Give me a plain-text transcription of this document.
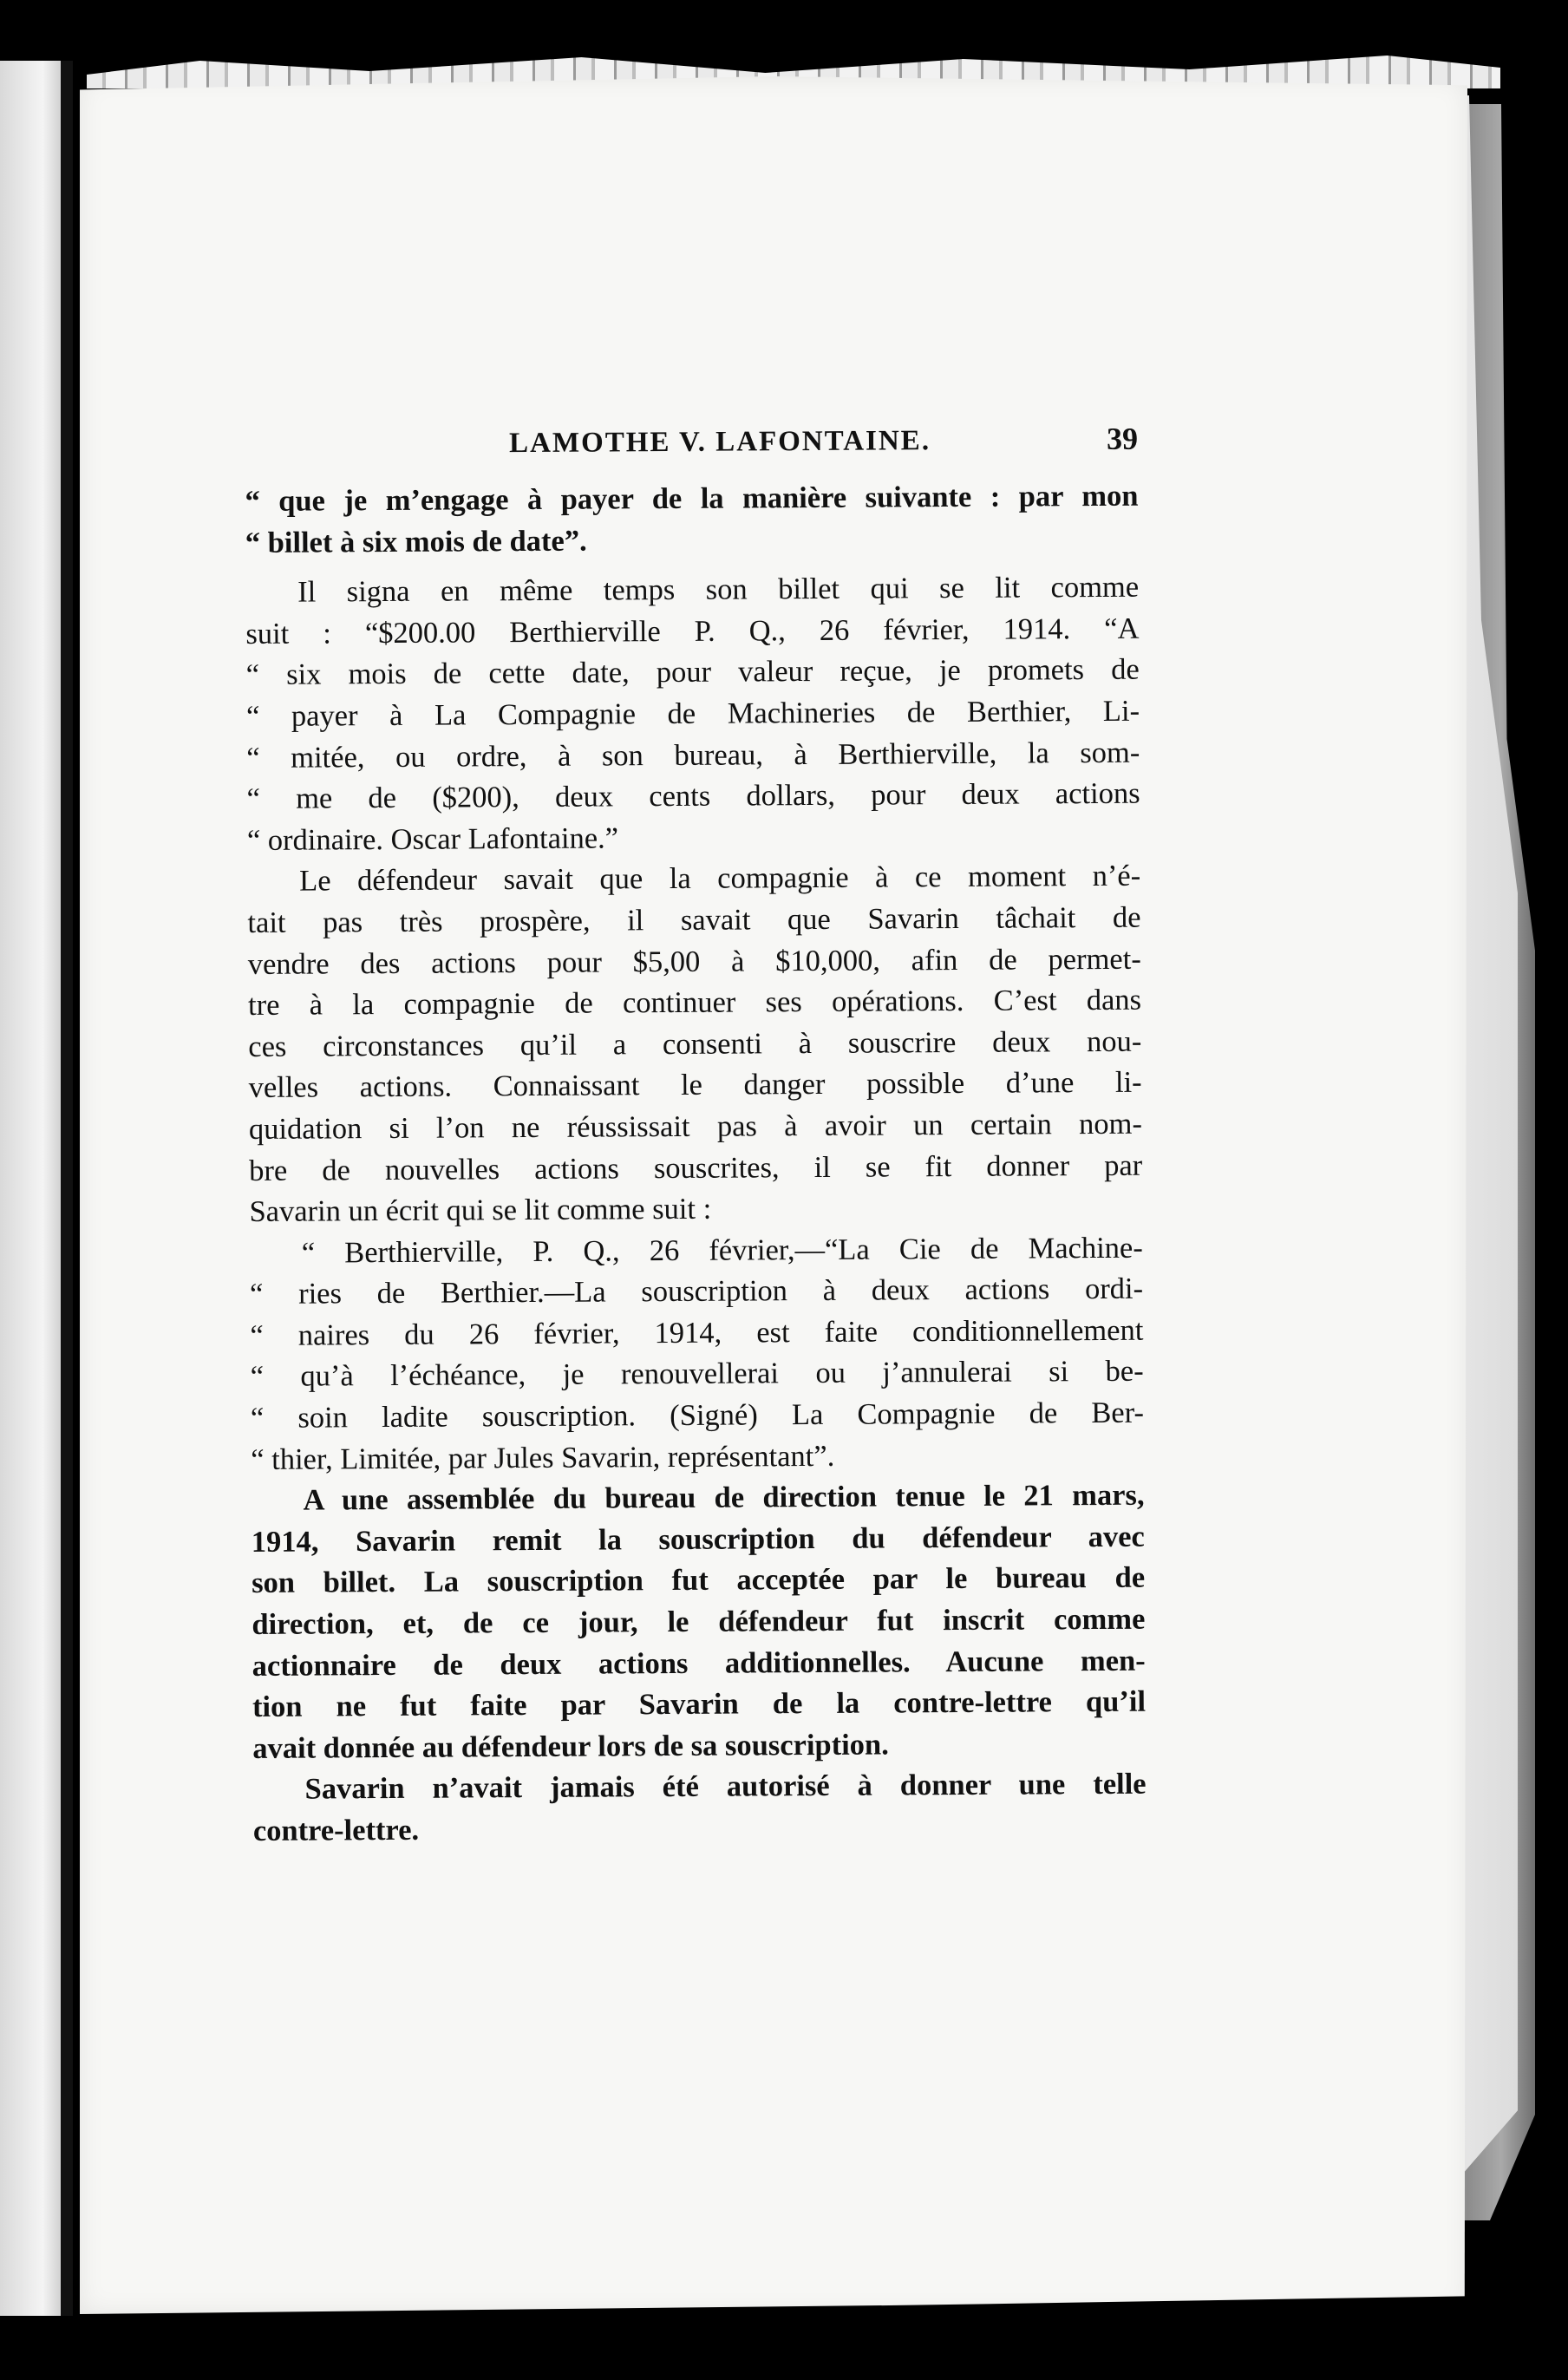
LAMOTHE V. LAFONTAINE.	39
“ que je m’engage à payer de la manière suivante : par mon
“ billet à six mois de date”.
Il signa en même temps son billet qui se lit comme
suit : “$200.00 Berthierville P. Q., 26 février, 1914. “A
“ six mois de cette date, pour valeur reçue, je promets de
“ payer à La Compagnie de Machineries de Berthier, Li-
“ mitée, ou ordre, à son bureau, à Berthierville, la som-
“ me de ($200), deux cents dollars, pour deux actions
“ ordinaire. Oscar Lafontaine.”
Le défendeur savait que la compagnie à ce moment n’é-
tait pas très prospère, il savait que Savarin tâchait de
vendre des actions pour $5,00 à $10,000, afin de permet-
tre à la compagnie de continuer ses opérations. C’est dans
ces circonstances qu’il a consenti à souscrire deux nou-
velles actions. Connaissant le danger possible d’une li-
quidation si l’on ne réussissait pas à avoir un certain nom-
bre de nouvelles actions souscrites, il se fit donner par
Savarin un écrit qui se lit comme suit :
“ Berthierville, P. Q., 26 février,—“La Cie de Machine-
“ ries de Berthier.—La souscription à deux actions ordi-
“ naires du 26 février, 1914, est faite conditionnellement
“ qu’à l’échéance, je renouvellerai ou j’annulerai si be-
“ soin ladite souscription. (Signé) La Compagnie de Ber-
“ thier, Limitée, par Jules Savarin, représentant”.
A une assemblée du bureau de direction tenue le 21 mars,
1914, Savarin remit la souscription du défendeur avec
son billet. La souscription fut acceptée par le bureau de
direction, et, de ce jour, le défendeur fut inscrit comme
actionnaire de deux actions additionnelles. Aucune men-
tion ne fut faite par Savarin de la contre-lettre qu’il
avait donnée au défendeur lors de sa souscription.
Savarin n’avait jamais été autorisé à donner une telle
contre-lettre.
